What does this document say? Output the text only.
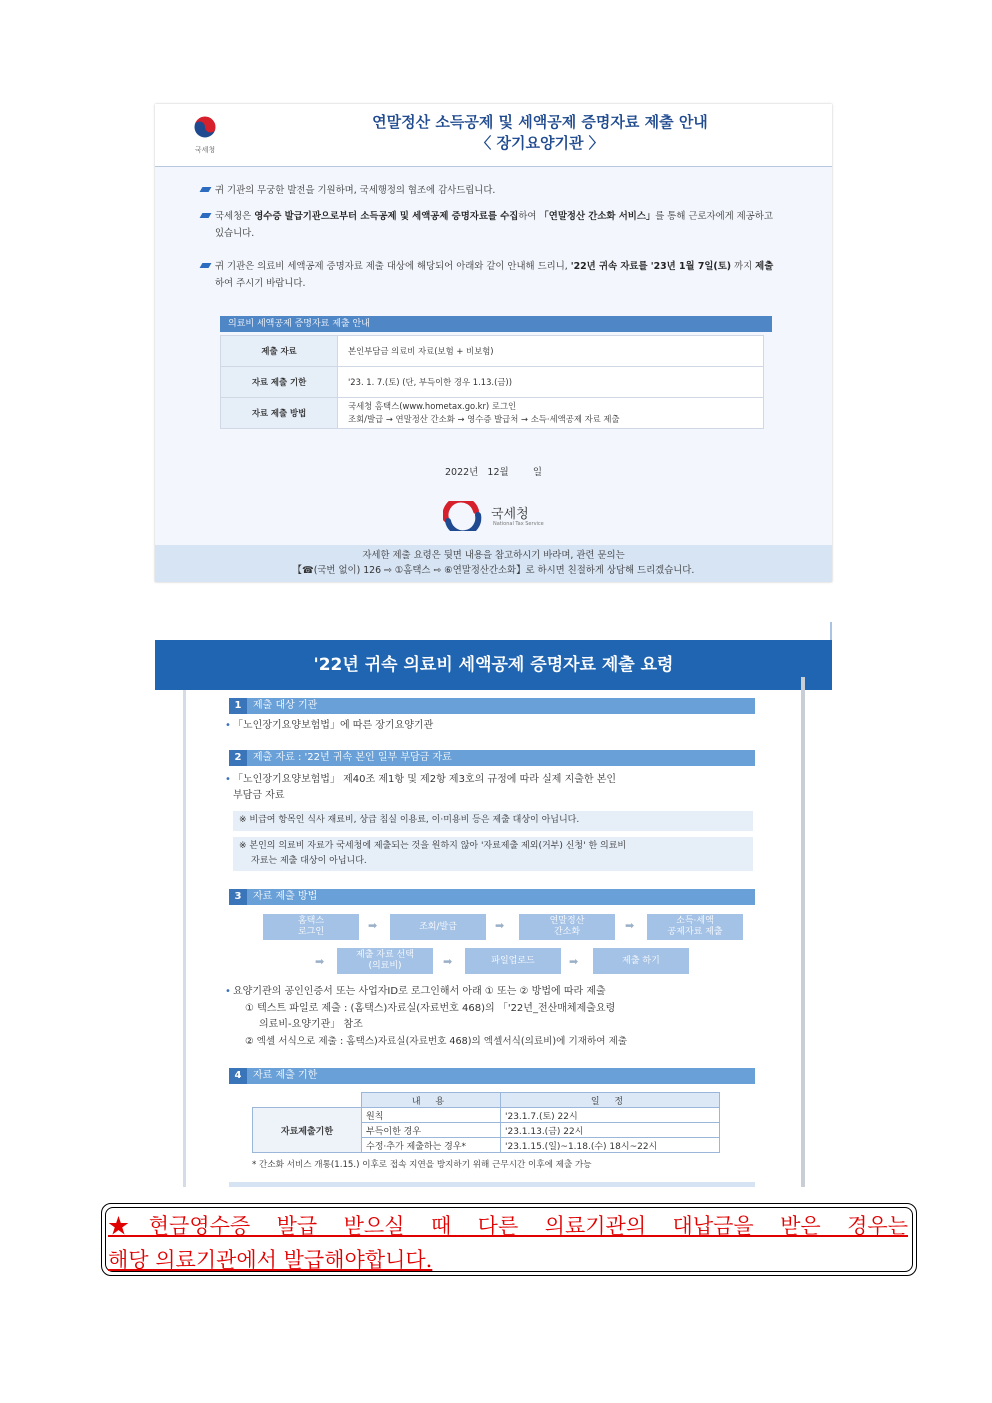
국세청
연말정산 소득공제 및 세액공제 증명자료 제출 안내
〈 장기요양기관 〉
귀 기관의 무궁한 발전을 기원하며, 국세행정의 협조에 감사드립니다.
국세청은 영수증 발급기관으로부터 소득공제 및 세액공제 증명자료를 수집하여 「연말정산 간소화 서비스」를 통해 근로자에게 제공하고 있습니다.
귀 기관은 의료비 세액공제 증명자료 제출 대상에 해당되어 아래와 같이 안내해 드리니, '22년 귀속 자료를 '23년 1월 7일(토) 까지 제출하여 주시기 바랍니다.
의료비 세액공제 증명자료 제출 안내
제출 자료	본인부담금 의료비 자료(보험 + 비보험)
자료 제출 기한	'23. 1. 7.(토) (단, 부득이한 경우 1.13.(금))
자료 제출 방법	국세청 홈택스(www.hometax.go.kr) 로그인
조회/발급 → 연말정산 간소화 → 영수증 발급처 → 소득·세액공제 자료 제출
2022년   12월        일
국세청
National Tax Service
자세한 제출 요령은 뒷면 내용을 참고하시기 바라며, 관련 문의는
【☎(국번 없이) 126 ⇨ ①홈택스 ⇨ ⑥연말정산간소화】로 하시면 친절하게 상담해 드리겠습니다.
'22년 귀속 의료비 세액공제 증명자료 제출 요령
1 제출 대상 기관
• 「노인장기요양보험법」에 따른 장기요양기관
2 제출 자료 : '22년 귀속 본인 일부 부담금 자료
• 「노인장기요양보험법」 제40조 제1항 및 제2항 제3호의 규정에 따라 실제 지출한 본인
부담금 자료
※ 비급여 항목인 식사 재료비, 상급 침실 이용료, 이·미용비 등은 제출 대상이 아닙니다.
※ 본인의 의료비 자료가 국세청에 제출되는 것을 원하지 않아 '자료제출 제외(거부) 신청' 한 의료비
자료는 제출 대상이 아닙니다.
3 자료 제출 방법
홈택스
로그인	➡	조회/발급	➡	연말정산
간소화	➡	소득·세액
공제자료 제출
➡	제출 자료 선택
(의료비)	➡	파일업로드	➡	제출 하기
• 요양기관의 공인인증서 또는 사업자ID로 로그인해서 아래 ① 또는 ② 방법에 따라 제출
① 텍스트 파일로 제출 : (홈택스)자료실(자료번호 468)의 「'22년_전산매체제출요령
의료비-요양기관」 참조
② 엑셀 서식으로 제출 : 홈택스)자료실(자료번호 468)의 엑셀서식(의료비)에 기재하여 제출
4 자료 제출 기한
	내 용	일 정
자료제출기한	원칙	'23.1.7.(토) 22시
	부득이한 경우	'23.1.13.(금) 22시
	수정·추가 제출하는 경우*	'23.1.15.(일)~1.18.(수) 18시~22시
* 간소화 서비스 개통(1.15.) 이후로 접속 지연을 방지하기 위해 근무시간 이후에 제출 가능
★현금영수증 발급 받으실 때 다른 의료기관의 대납금을 받은 경우는
해당 의료기관에서 발급해야합니다.
